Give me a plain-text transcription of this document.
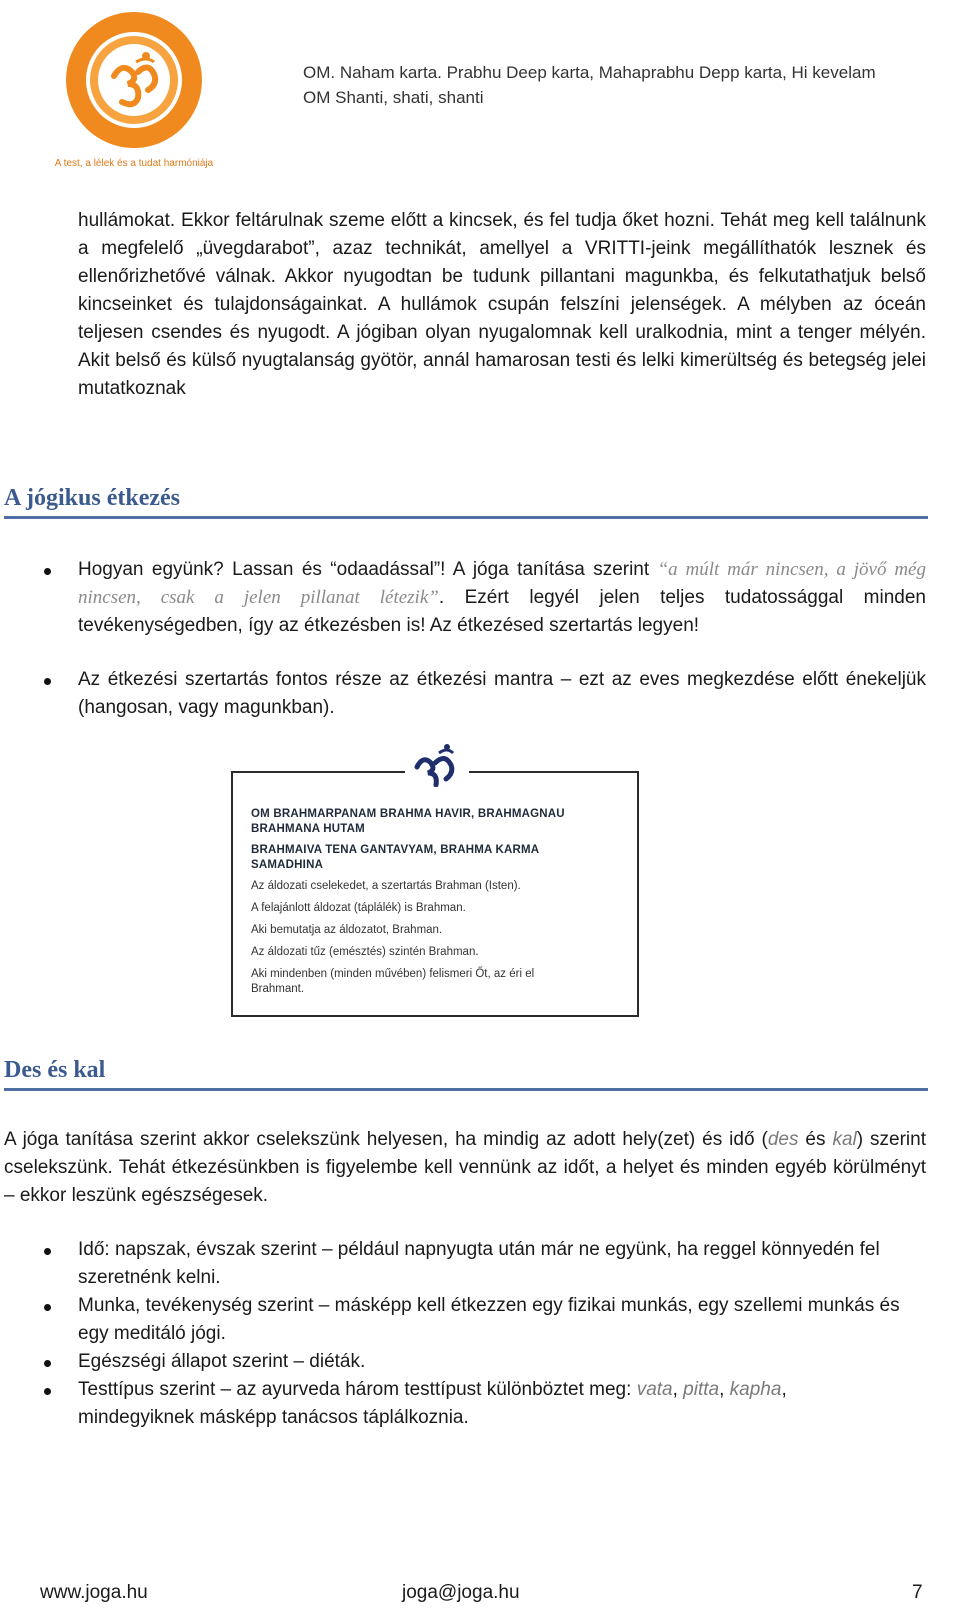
A test, a lélek és a tudat harmóniája
OM. Naham karta. Prabhu Deep karta, Mahaprabhu Depp karta, Hi kevelam
OM Shanti, shati, shanti

hullámokat. Ekkor feltárulnak szeme előtt a kincsek, és fel tudja őket hozni. Tehát meg kell találnunk a megfelelő „üvegdarabot”, azaz technikát, amellyel a VRITTI-jeink megállíthatók lesznek és ellenőrizhetővé válnak. Akkor nyugodtan be tudunk pillantani magunkba, és felkutathatjuk belső kincseinket és tulajdonságainkat. A hullámok csupán felszíni jelenségek. A mélyben az óceán teljesen csendes és nyugodt. A jógiban olyan nyugalomnak kell uralkodnia, mint a tenger mélyén. Akit belső és külső nyugtalanság gyötör, annál hamarosan testi és lelki kimerültség és betegség jelei mutatkoznak

A jógikus étkezés

Hogyan együnk? Lassan és “odaadással”! A jóga tanítása szerint “a múlt már nincsen, a jövő még nincsen, csak a jelen pillanat létezik”. Ezért legyél jelen teljes tudatossággal minden tevékenységedben, így az étkezésben is! Az étkezésed szertartás legyen!

Az étkezési szertartás fontos része az étkezési mantra – ezt az eves megkezdése előtt énekeljük (hangosan, vagy magunkban).

OM BRAHMARPANAM BRAHMA HAVIR, BRAHMAGNAU BRAHMANA HUTAM
BRAHMAIVA TENA GANTAVYAM, BRAHMA KARMA SAMADHINA
Az áldozati cselekedet, a szertartás Brahman (Isten).
A felajánlott áldozat (táplálék) is Brahman.
Aki bemutatja az áldozatot, Brahman.
Az áldozati tűz (emésztés) szintén Brahman.
Aki mindenben (minden művében) felismeri Őt, az éri el Brahmant.
Des és kal

A jóga tanítása szerint akkor cselekszünk helyesen, ha mindig az adott hely(zet) és idő (des és kal) szerint cselekszünk. Tehát étkezésünkben is figyelembe kell vennünk az időt, a helyet és minden egyéb körülményt – ekkor leszünk egészségesek.

Idő: napszak, évszak szerint – például napnyugta után már ne együnk, ha reggel könnyedén fel szeretnénk kelni.

Munka, tevékenység szerint – másképp kell étkezzen egy fizikai munkás, egy szellemi munkás és egy meditáló jógi.

Egészségi állapot szerint – diéták.

Testtípus szerint – az ayurveda három testtípust különböztet meg: vata, pitta, kapha, mindegyiknek másképp tanácsos táplálkoznia.

www.joga.hu	joga@joga.hu	7
